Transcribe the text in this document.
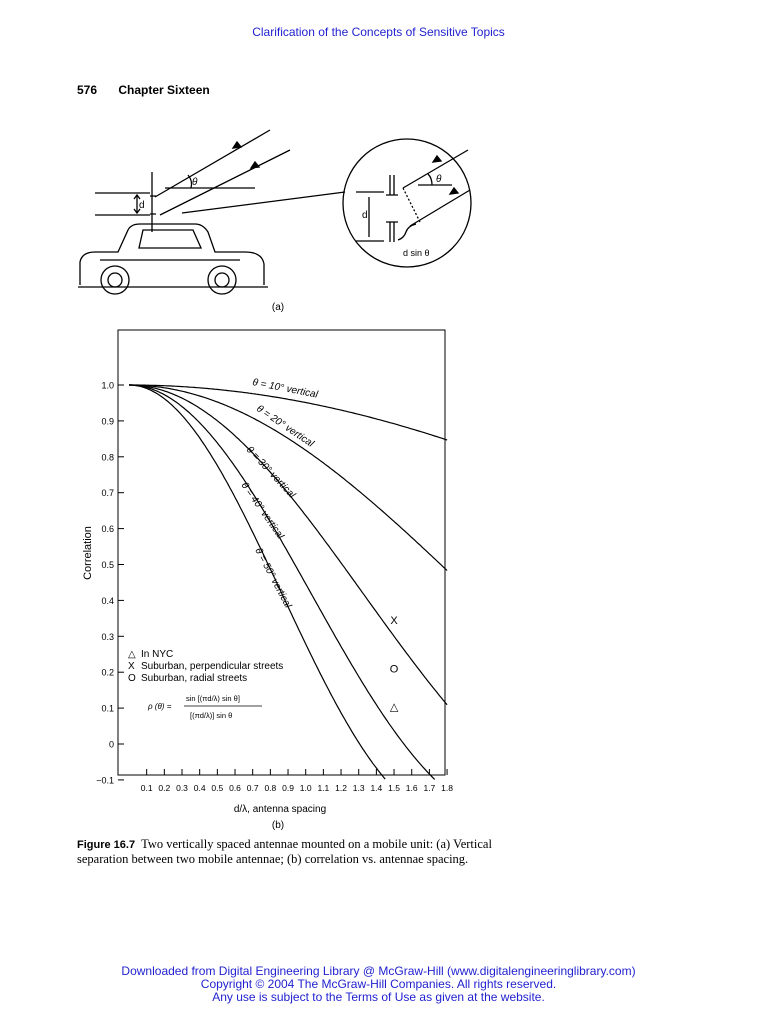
Clarification of the Concepts of Sensitive Topics
576 Chapter Sixteen
θ
d
θ
d
d sin θ
(a)
1.0
0.9
0.8
0.7
0.6
0.5
0.4
0.3
0.2
0.1
0
−0.1
0.1 0.2 0.3 0.4 0.5 0.6 0.7 0.8 0.9 1.0 1.1 1.2 1.3 1.4 1.5 1.6 1.7 1.8
X
O
△
θ = 10° vertical
θ = 20° vertical
θ = 30° vertical
θ = 40° vertical
θ = 50° vertical
△ In NYC
X Suburban, perpendicular streets
O Suburban, radial streets
ρ (θ) =
sin [(πd/λ) sin θ]
[(πd/λ)] sin θ
Correlation
d/λ, antenna spacing
(b)
Figure 16.7 Two vertically spaced antennae mounted on a mobile unit: (a) Vertical separation between two mobile antennae; (b) correlation vs. antennae spacing.
Downloaded from Digital Engineering Library @ McGraw-Hill (www.digitalengineeringlibrary.com)
Copyright © 2004 The McGraw-Hill Companies. All rights reserved.
Any use is subject to the Terms of Use as given at the website.
